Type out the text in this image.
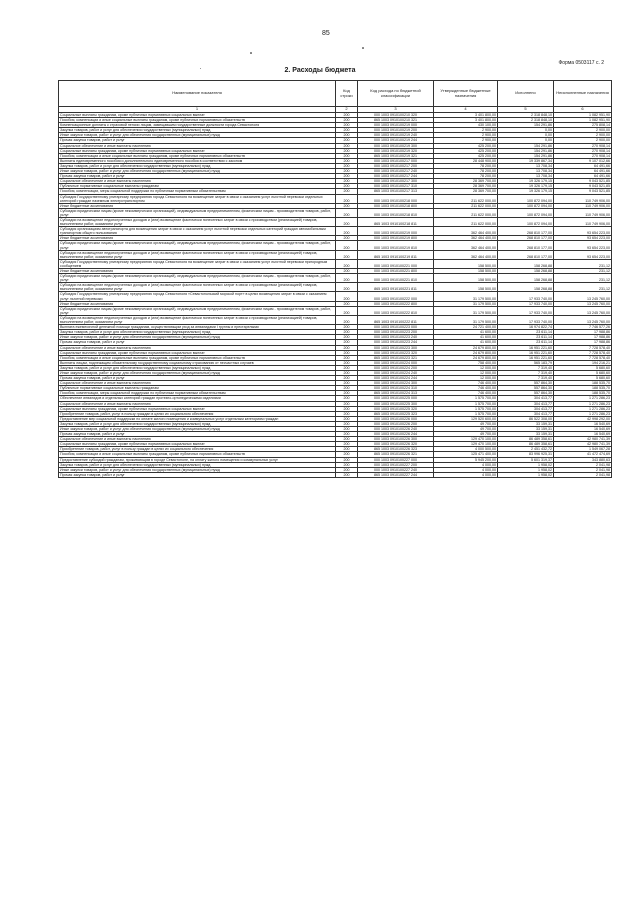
85
Форма 0503117 с. 2
2. Расходы бюджета
Наименование показателя	Код строки	Код расхода по бюджетной классификации	Утвержденные бюджетные назначения	Исполнено	Неисполненные назначения
1	2	3	4	5	6
Социальные выплаты гражданам, кроме публичных нормативных социальных выплат	200	000 1003 0910100210 320	3 401 800,00	2 318 848,10	1 082 951,90
Пособия, компенсации и иные социальные выплаты гражданам, кроме публичных нормативных обязательств	200	865 1003 0910100210 321	3 401 800,00	2 318 848,10	1 082 951,90
Компенсационные доплаты к страховой пенсии лицам, замещавшим государственные должности города Севастополя	200	000 1003 0910100219 000	430 100,00	154 291,86	275 808,14
Закупка товаров, работ и услуг для обеспечения государственных (муниципальных) нужд	200	000 1003 0910100219 200	2 900,00	0,00	2 900,00
Иные закупки товаров, работ и услуг для обеспечения государственных (муниципальных) нужд	200	000 1003 0910100219 240	2 900,00	0,00	2 900,00
Прочая закупка товаров, работ и услуг	200	000 1003 0910100219 244	2 900,00	0,00	2 900,00
Социальное обеспечение и иные выплаты населению	200	000 1003 0910100219 300	425 200,00	154 291,86	270 908,14
Социальные выплаты гражданам, кроме публичных нормативных социальных выплат	200	000 1003 0910100219 320	425 200,00	154 291,86	270 908,14
Пособия, компенсации и иные социальные выплаты гражданам, кроме публичных нормативных обязательств	200	865 1003 0910100219 321	425 200,00	154 291,86	270 908,14
Выплаты единовременного пособия и дополнительного единовременного пособия в соответствии с законом	200	000 1003 0910100217 000	28 448 900,00	19 339 867,34	9 107 012,66
Закупка товаров, работ и услуг для обеспечения государственных (муниципальных) нужд	200	000 1003 0910100217 200	78 200,00	13 708,34	64 491,66
Иные закупки товаров, работ и услуг для обеспечения государственных (муниципальных) нужд	200	000 1003 0910100217 240	78 200,00	13 708,34	64 491,66
Прочая закупка товаров, работ и услуг	200	000 1003 0910100217 244	78 200,00	13 708,34	64 491,66
Социальное обеспечение и иные выплаты населению	200	000 1003 0910100217 300	28 369 700,00	19 326 179,15	9 043 521,85
Публичные нормативные социальные выплаты гражданам	200	000 1003 0910100217 310	28 369 700,00	19 326 179,15	9 043 521,85
Пособия, компенсации, меры социальной поддержки по публичным нормативным обязательствам	200	865 1003 0910100217 313	28 369 700,00	19 326 179,15	9 043 521,85
Субсидия Государственному унитарному предприятию города Севастополя на возмещение затрат в связи с оказанием услуг льготной перевозки отдельных категорий граждан наземным электротранспортом	200	000 1003 0910100218 000	211 622 000,00	100 872 094,00	110 749 906,00
Иные бюджетные ассигнования	200	000 1003 0910100218 800	211 622 000,00	100 872 094,00	110 749 906,00
Субсидии юридическим лицам (кроме некоммерческих организаций), индивидуальным предпринимателям, физическим лицам - производителям товаров, работ, услуг	200	000 1003 0910100218 810	211 622 000,00	100 872 094,00	110 749 906,00
Субсидии на возмещение недополученных доходов и (или) возмещение фактически понесенных затрат в связи с производством (реализацией) товаров, выполнением работ, оказанием услуг	200	865 1003 0910100218 811	211 622 000,00	100 872 094,00	110 749 906,00
Субсидия организациям автотранспорта для возмещения затрат в связи с оказанием услуг льготной перевозки отдельных категорий граждан автомобильным транспортом общего пользования	200	000 1003 0910100219 000	362 464 400,00	268 810 177,00	93 654 223,00
Иные бюджетные ассигнования	200	000 1003 0910100219 800	362 464 400,00	268 810 177,00	93 654 223,00
Субсидии юридическим лицам (кроме некоммерческих организаций), индивидуальным предпринимателям, физическим лицам - производителям товаров, работ, услуг	200	000 1003 0910100219 810	362 464 400,00	268 810 177,00	93 654 223,00
Субсидии на возмещение недополученных доходов и (или) возмещение фактически понесенных затрат в связи с производством (реализацией) товаров, выполнением работ, оказанием услуг	200	865 1003 0910100219 811	362 464 400,00	268 810 177,00	93 654 223,00
Субсидия Государственному унитарному предприятию города Севастополя на возмещение затрат в связи с оказанием услуг льготной перевозки пригородным сообщением	200	000 1003 0910100221 000	158 500,00	158 268,88	231,12
Иные бюджетные ассигнования	200	000 1003 0910100221 800	158 500,00	158 268,88	231,12
Субсидии юридическим лицам (кроме некоммерческих организаций), индивидуальным предпринимателям, физическим лицам - производителям товаров, работ, услуг	200	000 1003 0910100221 810	158 500,00	158 268,88	231,12
Субсидии на возмещение недополученных доходов и (или) возмещение фактически понесенных затрат в связи с производством (реализацией) товаров, выполнением работ, оказанием услуг	200	865 1003 0910100221 811	158 500,00	158 268,88	231,12
Субсидия Государственному унитарному предприятию города Севастополя «Севастопольский морской порт» в целях возмещения затрат в связи с оказанием услуг льготной перевозки	200	000 1003 0910100222 000	31 179 500,00	17 933 740,00	13 245 760,00
Иные бюджетные ассигнования	200	000 1003 0910100222 800	31 179 500,00	17 933 740,00	13 245 760,00
Субсидии юридическим лицам (кроме некоммерческих организаций), индивидуальным предпринимателям, физическим лицам - производителям товаров, работ, услуг	200	000 1003 0910100222 810	31 179 500,00	17 933 740,00	13 245 760,00
Субсидии на возмещение недополученных доходов и (или) возмещение фактически понесенных затрат в связи с производством (реализацией) товаров, выполнением работ, оказанием услуг	200	865 1003 0910100222 811	31 179 500,00	17 933 740,00	13 245 760,00
Выплата ежемесячной денежной помощи гражданам, осуществляющим уход за инвалидами I группы и престарелыми	200	000 1003 0910100223 000	24 721 400,00	16 974 822,74	7 746 577,26
Закупка товаров, работ и услуг для обеспечения государственных (муниципальных) нужд	200	000 1003 0910100223 200	41 600,00	23 611,14	17 988,86
Иные закупки товаров, работ и услуг для обеспечения государственных (муниципальных) нужд	200	000 1003 0910100223 240	41 600,00	23 611,14	17 988,86
Прочая закупка товаров, работ и услуг	200	000 1003 0910100223 244	41 600,00	23 611,14	17 988,86
Социальное обеспечение и иные выплаты населению	200	000 1003 0910100223 300	24 679 800,00	16 951 221,60	7 728 578,40
Социальные выплаты гражданам, кроме публичных нормативных социальных выплат	200	000 1003 0910100223 320	24 679 800,00	16 951 221,60	7 728 578,40
Пособия, компенсации и иные социальные выплаты гражданам, кроме публичных нормативных обязательств	200	865 1003 0910100223 321	24 679 800,00	16 951 221,60	7 728 578,40
Выплаты лицам, подлежащим обязательному государственному социальному страхованию от несчастных случаев	200	000 1003 0910100224 000	758 400,00	565 183,79	194 216,21
Закупка товаров, работ и услуг для обеспечения государственных (муниципальных) нужд	200	000 1003 0910100224 200	12 000,00	7 319,40	5 680,60
Иные закупки товаров, работ и услуг для обеспечения государственных (муниципальных) нужд	200	000 1003 0910100224 240	12 000,00	7 319,40	5 680,60
Прочая закупка товаров, работ и услуг	200	000 1003 0910100224 244	12 000,00	7 319,40	5 680,60
Социальное обеспечение и иные выплаты населению	200	000 1003 0910100224 300	746 400,00	557 864,30	188 535,70
Публичные нормативные социальные выплаты гражданам	200	000 1003 0910100224 310	746 400,00	557 864,30	188 535,70
Пособия, компенсации, меры социальной поддержки по публичным нормативным обязательствам	200	865 1003 0910100224 313	746 400,00	557 864,30	188 535,70
Обеспечение инвалидов и отдельных категорий граждан протезно-ортопедическими изделиями	200	000 1003 0910100225 000	1 575 700,00	304 413,77	1 271 286,23
Социальное обеспечение и иные выплаты населению	200	000 1003 0910100225 300	1 575 700,00	304 413,77	1 271 286,23
Социальные выплаты гражданам, кроме публичных нормативных социальных выплат	200	000 1003 0910100225 320	1 575 700,00	304 413,77	1 271 286,23
Приобретение товаров, работ, услуг в пользу граждан в целях их социального обеспечения	200	865 1003 0910100225 323	1 575 700,00	304 413,77	1 271 286,23
Предоставление мер социальной поддержки по оплате жилого помещения и коммунальных услуг отдельным категориям граждан	200	000 1003 0910100226 000	129 520 600,00	86 522 308,00	42 998 292,00
Закупка товаров, работ и услуг для обеспечения государственных (муниципальных) нужд	200	000 1003 0910100226 200	49 700,00	33 159,31	16 540,69
Иные закупки товаров, работ и услуг для обеспечения государственных (муниципальных) нужд	200	000 1003 0910100226 240	49 700,00	33 159,31	16 540,69
Прочая закупка товаров, работ и услуг	200	000 1003 0910100226 244	49 700,00	33 159,31	16 540,69
Социальное обеспечение и иные выплаты населению	200	000 1003 0910100226 300	129 470 100,00	86 489 358,61	42 980 741,39
Социальные выплаты гражданам, кроме публичных нормативных социальных выплат	200	000 1003 0910100226 320	129 470 100,00	86 489 358,61	42 980 741,39
Приобретение товаров, работ, услуг в пользу граждан в целях их социального обеспечения	200	865 1003 0910100226 323	4 000 500,00	2 451 432,72	1 549 067,28
Пособия, компенсации и иные социальные выплаты гражданам, кроме публичных нормативных обязательств	200	865 1003 0910100226 321	125 471 400,00	83 996 925,31	41 472 474,69
Предоставление субсидий гражданам, проживающим в городе Севастополе, на оплату жилого помещения и коммунальных услуг	200	000 1003 0910100227 000	5 945 200,00	5 601 319,37	343 880,63
Закупка товаров, работ и услуг для обеспечения государственных (муниципальных) нужд	200	000 1003 0910100227 200	4 000,00	1 958,02	2 041,98
Иные закупки товаров, работ и услуг для обеспечения государственных (муниципальных) нужд	200	000 1003 0910100227 240	4 000,00	1 958,02	2 041,98
Прочая закупка товаров, работ и услуг	200	865 1003 0910100227 244	4 000,00	1 958,02	2 041,98
